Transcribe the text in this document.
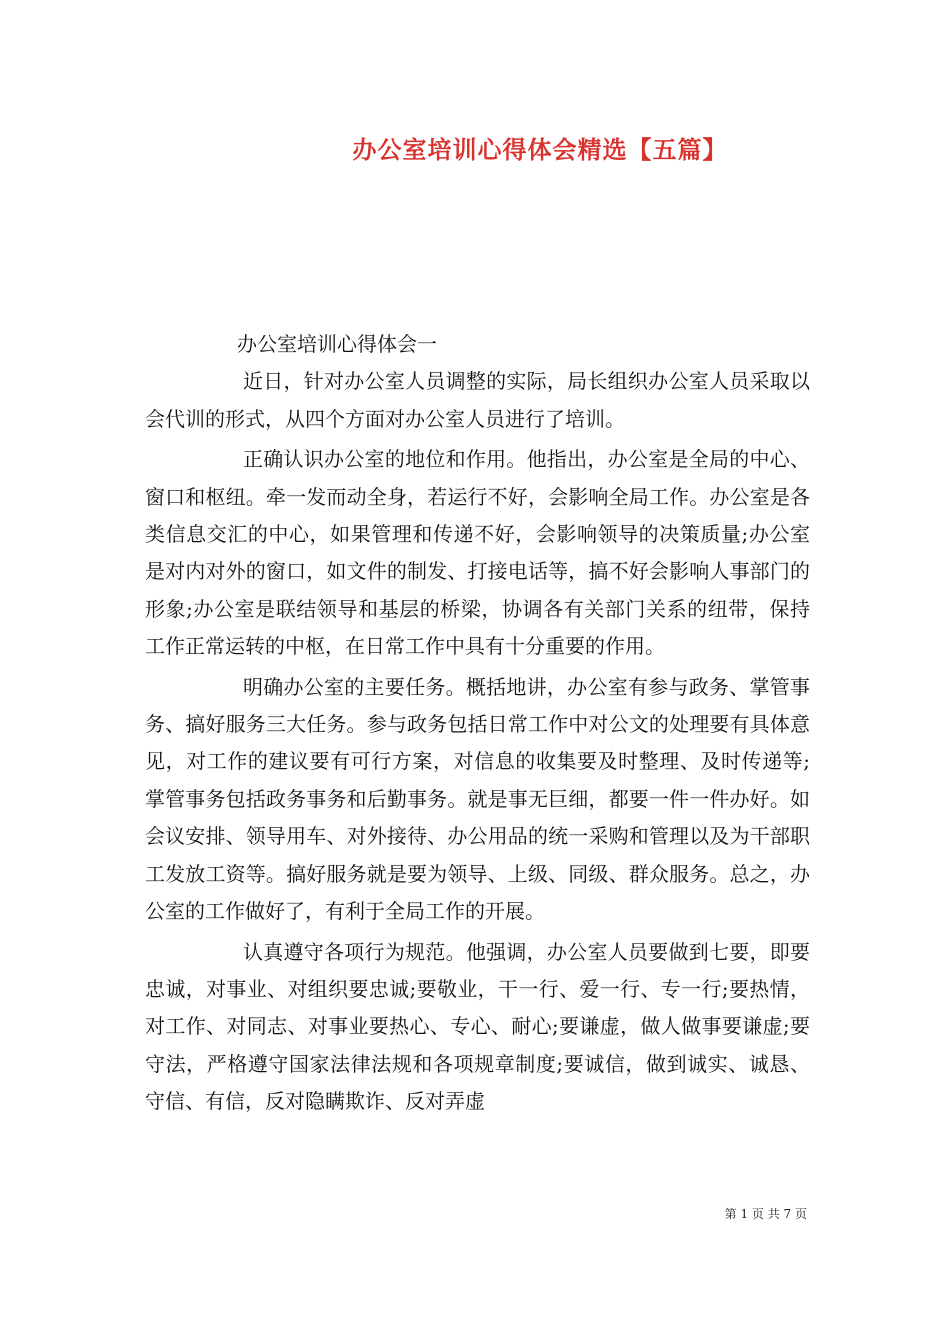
办公室培训心得体会精选【五篇】

办公室培训心得体会一

近日，针对办公室人员调整的实际，局长组织办公室人员采取以会代训的形式，从四个方面对办公室人员进行了培训。

正确认识办公室的地位和作用。他指出，办公室是全局的中心、窗口和枢纽。牵一发而动全身，若运行不好，会影响全局工作。办公室是各类信息交汇的中心，如果管理和传递不好，会影响领导的决策质量;办公室是对内对外的窗口，如文件的制发、打接电话等，搞不好会影响人事部门的形象;办公室是联结领导和基层的桥梁，协调各有关部门关系的纽带，保持工作正常运转的中枢，在日常工作中具有十分重要的作用。

明确办公室的主要任务。概括地讲，办公室有参与政务、掌管事务、搞好服务三大任务。参与政务包括日常工作中对公文的处理要有具体意见，对工作的建议要有可行方案，对信息的收集要及时整理、及时传递等;掌管事务包括政务事务和后勤事务。就是事无巨细，都要一件一件办好。如会议安排、领导用车、对外接待、办公用品的统一采购和管理以及为干部职工发放工资等。搞好服务就是要为领导、上级、同级、群众服务。总之，办公室的工作做好了，有利于全局工作的开展。

认真遵守各项行为规范。他强调，办公室人员要做到七要，即要忠诚，对事业、对组织要忠诚;要敬业，干一行、爱一行、专一行;要热情，对工作、对同志、对事业要热心、专心、耐心;要谦虚，做人做事要谦虚;要守法，严格遵守国家法律法规和各项规章制度;要诚信，做到诚实、诚恳、守信、有信，反对隐瞒欺诈、反对弄虚

第 1 页 共 7 页
